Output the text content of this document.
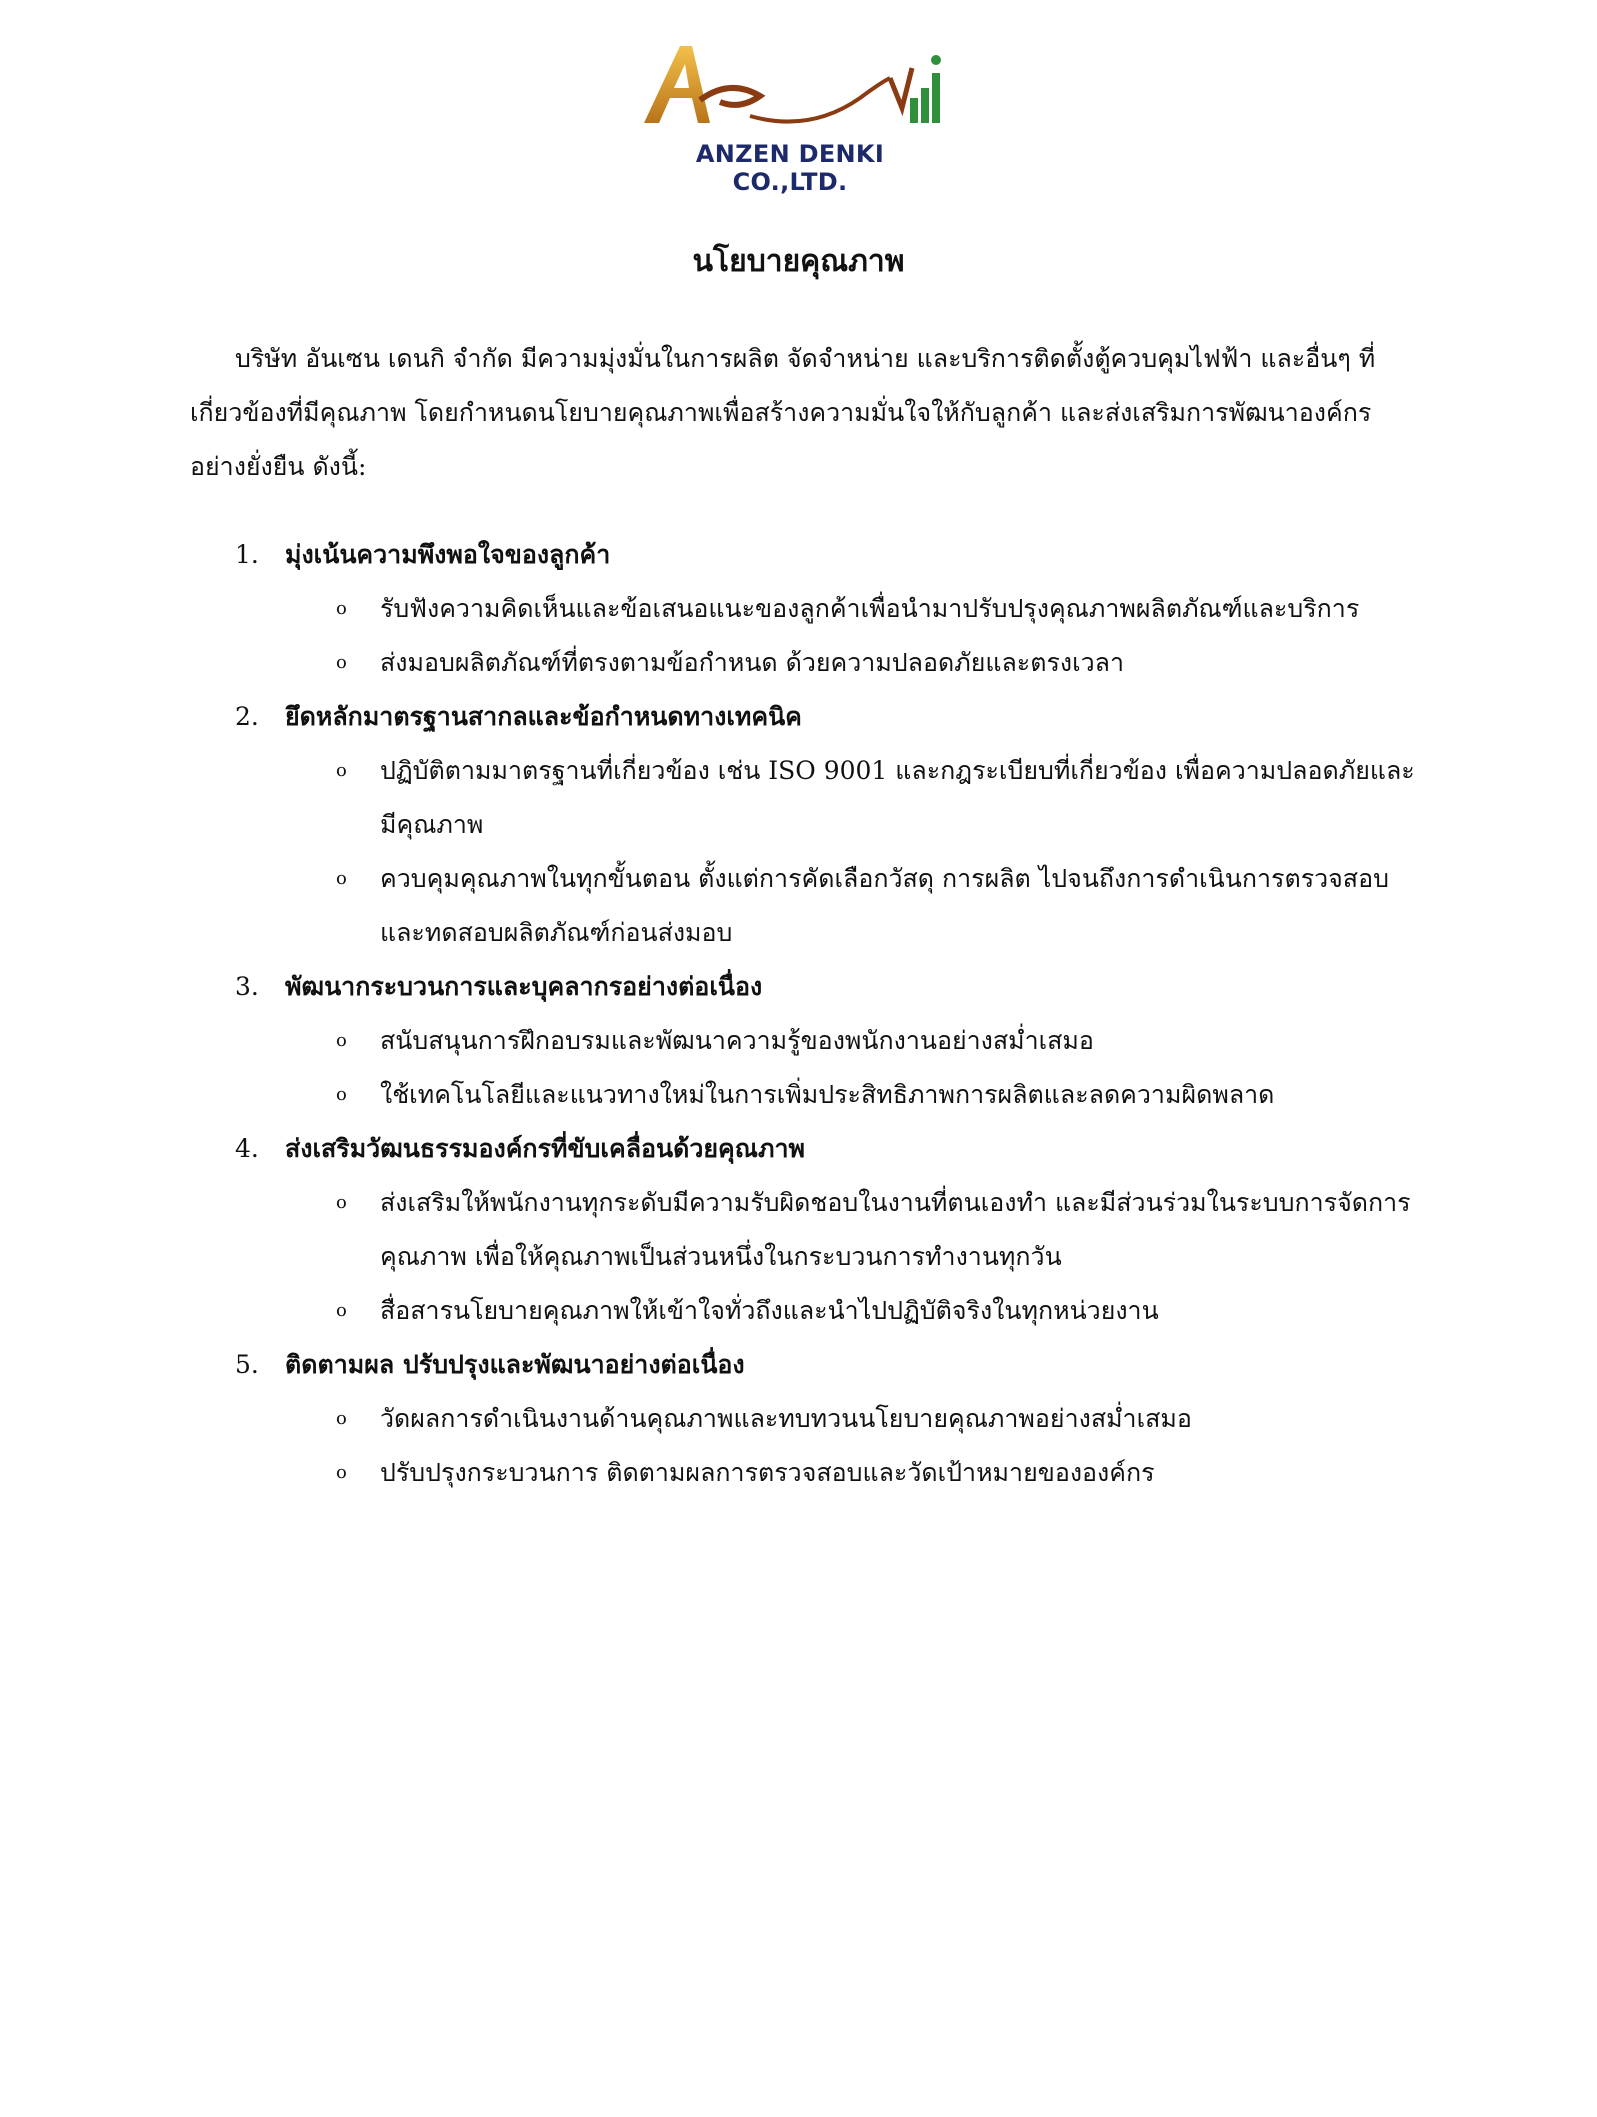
ANZEN DENKI CO.,LTD.
นโยบายคุณภาพ

บริษัท อันเซน เดนกิ จำกัด มีความมุ่งมั่นในการผลิต จัดจำหน่าย และบริการติดตั้งตู้ควบคุมไฟฟ้า และอื่นๆ ที่เกี่ยวข้องที่มีคุณภาพ โดยกำหนดนโยบายคุณภาพเพื่อสร้างความมั่นใจให้กับลูกค้า และส่งเสริมการพัฒนาองค์กรอย่างยั่งยืน ดังนี้:

1. มุ่งเน้นความพึงพอใจของลูกค้า
o รับฟังความคิดเห็นและข้อเสนอแนะของลูกค้าเพื่อนำมาปรับปรุงคุณภาพผลิตภัณฑ์และบริการ
o ส่งมอบผลิตภัณฑ์ที่ตรงตามข้อกำหนด ด้วยความปลอดภัยและตรงเวลา
2. ยึดหลักมาตรฐานสากลและข้อกำหนดทางเทคนิค
o ปฏิบัติตามมาตรฐานที่เกี่ยวข้อง เช่น ISO 9001 และกฎระเบียบที่เกี่ยวข้อง เพื่อความปลอดภัยและมีคุณภาพ
o ควบคุมคุณภาพในทุกขั้นตอน ตั้งแต่การคัดเลือกวัสดุ การผลิต ไปจนถึงการดำเนินการตรวจสอบและทดสอบผลิตภัณฑ์ก่อนส่งมอบ
3. พัฒนากระบวนการและบุคลากรอย่างต่อเนื่อง
o สนับสนุนการฝึกอบรมและพัฒนาความรู้ของพนักงานอย่างสม่ำเสมอ
o ใช้เทคโนโลยีและแนวทางใหม่ในการเพิ่มประสิทธิภาพการผลิตและลดความผิดพลาด
4. ส่งเสริมวัฒนธรรมองค์กรที่ขับเคลื่อนด้วยคุณภาพ
o ส่งเสริมให้พนักงานทุกระดับมีความรับผิดชอบในงานที่ตนเองทำ และมีส่วนร่วมในระบบการจัดการคุณภาพ เพื่อให้คุณภาพเป็นส่วนหนึ่งในกระบวนการทำงานทุกวัน
o สื่อสารนโยบายคุณภาพให้เข้าใจทั่วถึงและนำไปปฏิบัติจริงในทุกหน่วยงาน
5. ติดตามผล ปรับปรุงและพัฒนาอย่างต่อเนื่อง
o วัดผลการดำเนินงานด้านคุณภาพและทบทวนนโยบายคุณภาพอย่างสม่ำเสมอ
o ปรับปรุงกระบวนการ ติดตามผลการตรวจสอบและวัดเป้าหมายขององค์กร
